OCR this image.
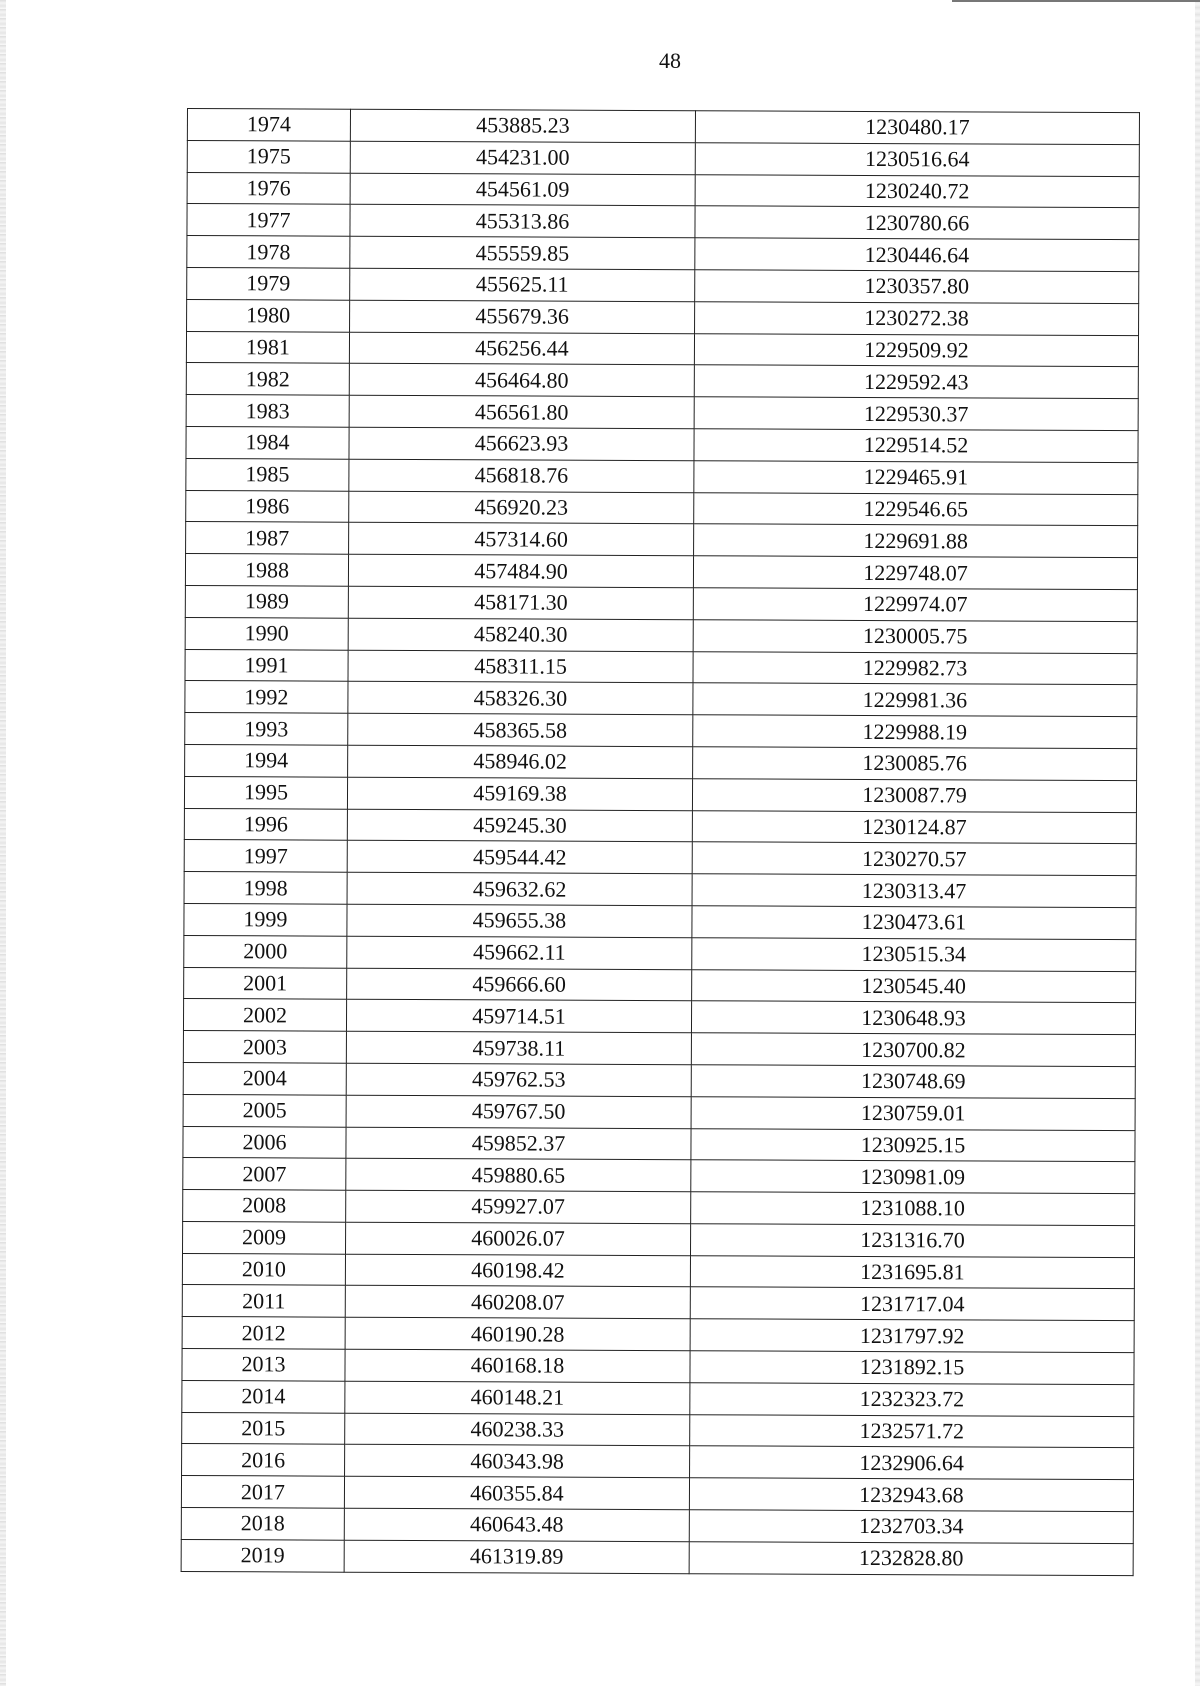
48
1974	453885.23	1230480.17
1975	454231.00	1230516.64
1976	454561.09	1230240.72
1977	455313.86	1230780.66
1978	455559.85	1230446.64
1979	455625.11	1230357.80
1980	455679.36	1230272.38
1981	456256.44	1229509.92
1982	456464.80	1229592.43
1983	456561.80	1229530.37
1984	456623.93	1229514.52
1985	456818.76	1229465.91
1986	456920.23	1229546.65
1987	457314.60	1229691.88
1988	457484.90	1229748.07
1989	458171.30	1229974.07
1990	458240.30	1230005.75
1991	458311.15	1229982.73
1992	458326.30	1229981.36
1993	458365.58	1229988.19
1994	458946.02	1230085.76
1995	459169.38	1230087.79
1996	459245.30	1230124.87
1997	459544.42	1230270.57
1998	459632.62	1230313.47
1999	459655.38	1230473.61
2000	459662.11	1230515.34
2001	459666.60	1230545.40
2002	459714.51	1230648.93
2003	459738.11	1230700.82
2004	459762.53	1230748.69
2005	459767.50	1230759.01
2006	459852.37	1230925.15
2007	459880.65	1230981.09
2008	459927.07	1231088.10
2009	460026.07	1231316.70
2010	460198.42	1231695.81
2011	460208.07	1231717.04
2012	460190.28	1231797.92
2013	460168.18	1231892.15
2014	460148.21	1232323.72
2015	460238.33	1232571.72
2016	460343.98	1232906.64
2017	460355.84	1232943.68
2018	460643.48	1232703.34
2019	461319.89	1232828.80
